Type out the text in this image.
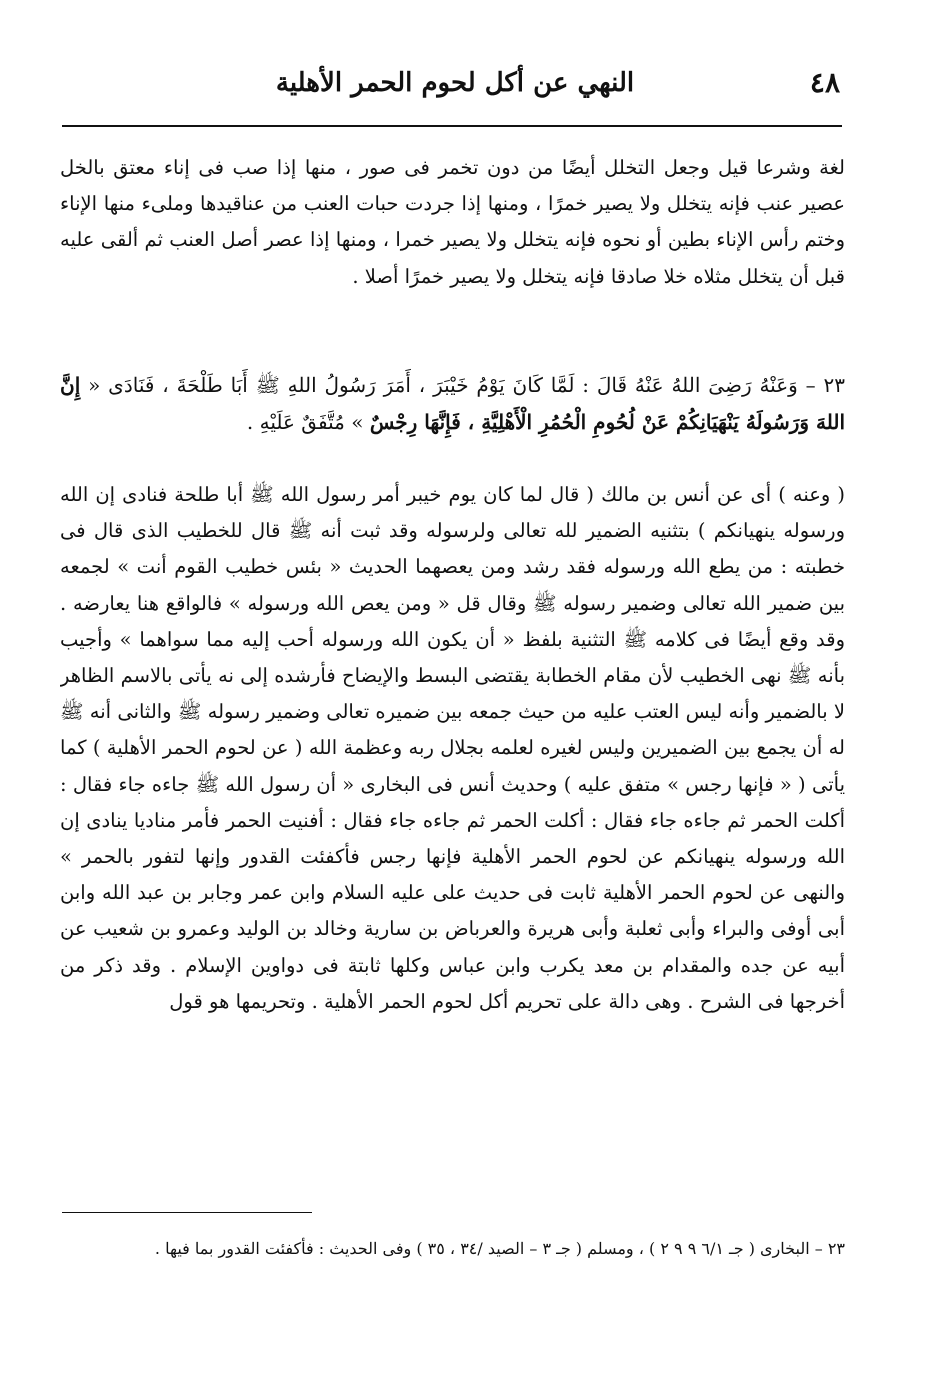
٤٨
النهي عن أكل لحوم الحمر الأهلية

لغة وشرعا قيل وجعل التخلل أيضًا من دون تخمر فى صور ، منها إذا صب فى إناء معتق بالخل عصير عنب فإنه يتخلل ولا يصير خمرًا ، ومنها إذا جردت حبات العنب من عناقيدها وملىء منها الإناء وختم رأس الإناء بطين أو نحوه فإنه يتخلل ولا يصير خمرا ، ومنها إذا عصر أصل العنب ثم ألقى عليه قبل أن يتخلل مثلاه خلا صادقا فإنه يتخلل ولا يصير خمرًا أصلا .

٢٣ – وَعَنْهُ رَضِىَ اللهُ عَنْهُ قَالَ : لَمَّا كَانَ يَوْمُ خَيْبَرَ ، أَمَرَ رَسُولُ اللهِ ﷺ أَبَا طَلْحَةَ ، فَنَادَى « إِنَّ اللهَ وَرَسُولَهُ يَنْهَيَانِكُمْ عَنْ لُحُومِ الْحُمُرِ الْأَهْلِيَّةِ ، فَإِنَّهَا رِجْسٌ » مُتَّفَقٌ عَلَيْهِ .

( وعنه ) أى عن أنس بن مالك ( قال لما كان يوم خيبر أمر رسول الله ﷺ أبا طلحة فنادى إن الله ورسوله ينهيانكم ) بتثنيه الضمير لله تعالى ولرسوله وقد ثبت أنه ﷺ قال للخطيب الذى قال فى خطبته : من يطع الله ورسوله فقد رشد ومن يعصهما الحديث « بئس خطيب القوم أنت » لجمعه بين ضمير الله تعالى وضمير رسوله ﷺ وقال قل « ومن يعص الله ورسوله » فالواقع هنا يعارضه . وقد وقع أيضًا فى كلامه ﷺ التثنية بلفظ « أن يكون الله ورسوله أحب إليه مما سواهما » وأجيب بأنه ﷺ نهى الخطيب لأن مقام الخطابة يقتضى البسط والإيضاح فأرشده إلى نه يأتى بالاسم الظاهر لا بالضمير وأنه ليس العتب عليه من حيث جمعه بين ضميره تعالى وضمير رسوله ﷺ والثانى أنه ﷺ له أن يجمع بين الضميرين وليس لغيره لعلمه بجلال ربه وعظمة الله ( عن لحوم الحمر الأهلية ) كما يأتى ( « فإنها رجس » متفق عليه ) وحديث أنس فى البخارى « أن رسول الله ﷺ جاءه جاء فقال : أكلت الحمر ثم جاءه جاء فقال : أكلت الحمر ثم جاءه جاء فقال : أفنيت الحمر فأمر مناديا ينادى إن الله ورسوله ينهيانكم عن لحوم الحمر الأهلية فإنها رجس فأكفئت القدور وإنها لتفور بالحمر » والنهى عن لحوم الحمر الأهلية ثابت فى حديث على عليه السلام وابن عمر وجابر بن عبد الله وابن أبى أوفى والبراء وأبى ثعلبة وأبى هريرة والعرباض بن سارية وخالد بن الوليد وعمرو بن شعيب عن أبيه عن جده والمقدام بن معد يكرب وابن عباس وكلها ثابتة فى دواوين الإسلام . وقد ذكر من أخرجها فى الشرح . وهى دالة على تحريم أكل لحوم الحمر الأهلية . وتحريمها هو قول

٢٣ – البخارى ( جـ ٦/١ ٩ ٩ ٢ ) ، ومسلم ( جـ ٣ – الصيد /٣٤ ، ٣٥ ) وفى الحديث : فأكفئت القدور بما فيها .
